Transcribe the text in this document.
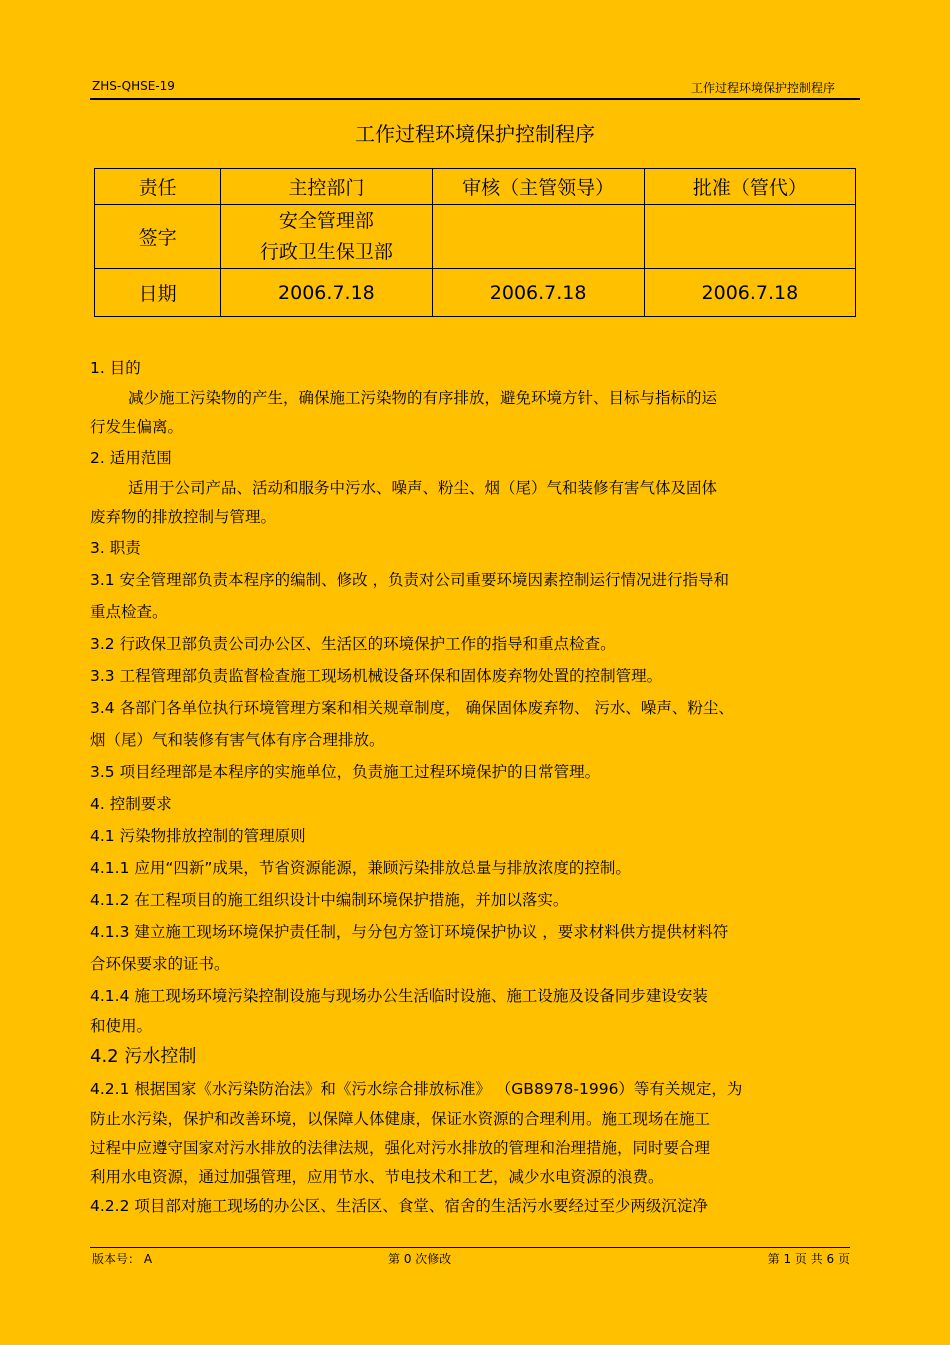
ZHS-QHSE-19	工作过程环境保护控制程序
工作过程环境保护控制程序
责任	主控部门	审核（主管领导）	批准（管代）
签字	安全管理部
行政卫生保卫部		

日期	2006.7.18	2006.7.18	2006.7.18

1. 目的

减少施工污染物的产生，确保施工污染物的有序排放，避免环境方针、目标与指标的运

行发生偏离。

2. 适用范围

适用于公司产品、活动和服务中污水、噪声、粉尘、烟（尾）气和装修有害气体及固体

废弃物的排放控制与管理。

3. 职责

3.1 安全管理部负责本程序的编制、修改 ，负责对公司重要环境因素控制运行情况进行指导和

重点检查。

3.2 行政保卫部负责公司办公区、生活区的环境保护工作的指导和重点检查。

3.3 工程管理部负责监督检查施工现场机械设备环保和固体废弃物处置的控制管理。

3.4 各部门各单位执行环境管理方案和相关规章制度， 确保固体废弃物、 污水、噪声、粉尘、

烟（尾）气和装修有害气体有序合理排放。

3.5 项目经理部是本程序的实施单位，负责施工过程环境保护的日常管理。

4. 控制要求

4.1 污染物排放控制的管理原则

4.1.1 应用“四新”成果，节省资源能源，兼顾污染排放总量与排放浓度的控制。

4.1.2 在工程项目的施工组织设计中编制环境保护措施，并加以落实。

4.1.3 建立施工现场环境保护责任制，与分包方签订环境保护协议 ，要求材料供方提供材料符

合环保要求的证书。

4.1.4 施工现场环境污染控制设施与现场办公生活临时设施、施工设施及设备同步建设安装

和使用。

4.2 污水控制

4.2.1 根据国家《水污染防治法》和《污水综合排放标准》 （GB8978-1996）等有关规定，为

防止水污染，保护和改善环境，以保障人体健康，保证水资源的合理利用。施工现场在施工

过程中应遵守国家对污水排放的法律法规，强化对污水排放的管理和治理措施，同时要合理

利用水电资源，通过加强管理，应用节水、节电技术和工艺，减少水电资源的浪费。

4.2.2 项目部对施工现场的办公区、生活区、食堂、宿舍的生活污水要经过至少两级沉淀净

版本号： A	第 0 次修改	第 1 页 共 6 页
